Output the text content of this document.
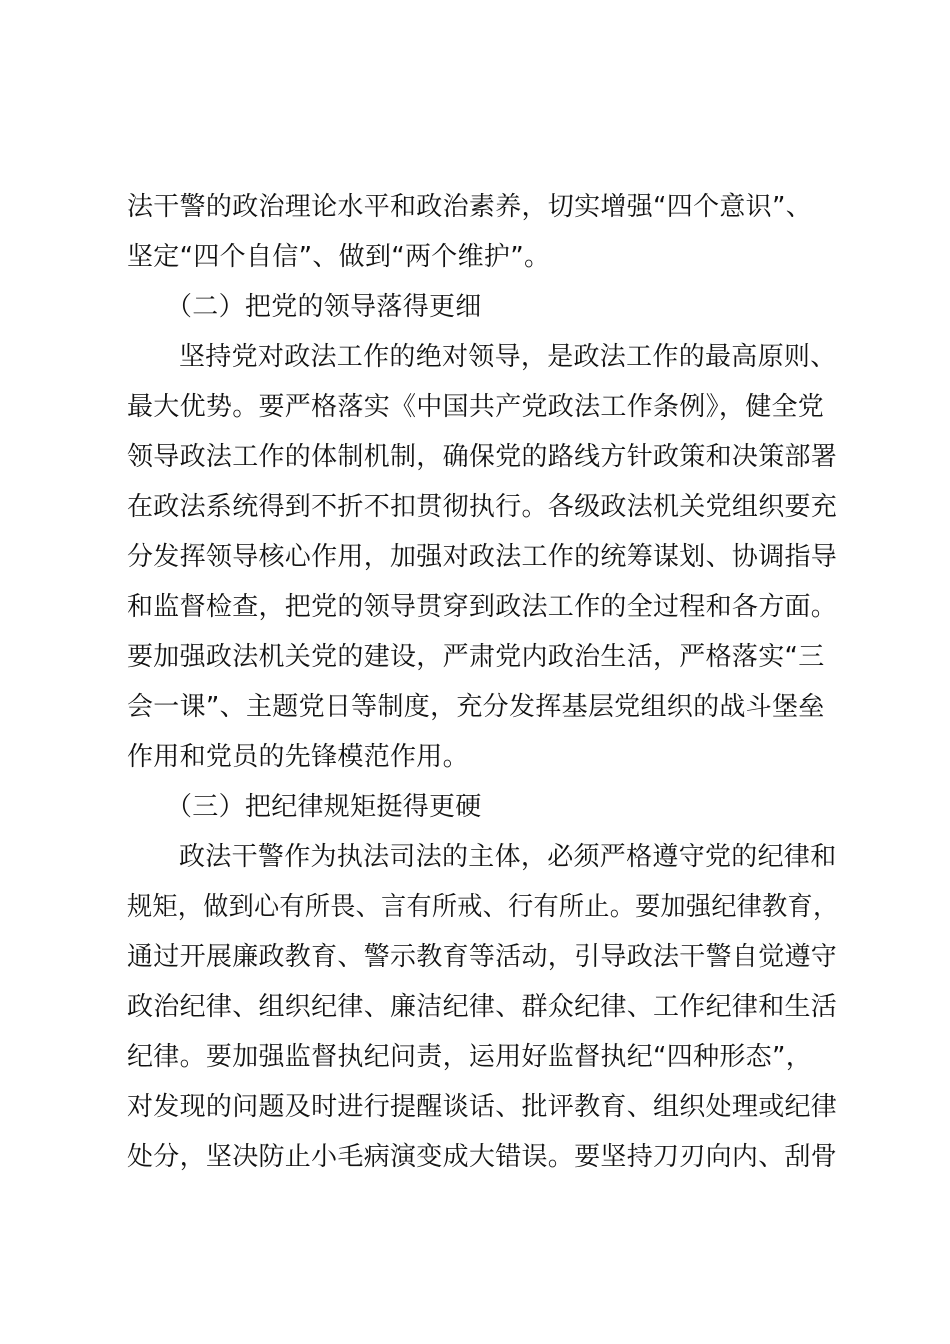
法干警的政治理论水平和政治素养，切实增强“四个意识”、
坚定“四个自信”、做到“两个维护”。
（二）把党的领导落得更细
坚持党对政法工作的绝对领导，是政法工作的最高原则、
最大优势。要严格落实《中国共产党政法工作条例》，健全党
领导政法工作的体制机制，确保党的路线方针政策和决策部署
在政法系统得到不折不扣贯彻执行。各级政法机关党组织要充
分发挥领导核心作用，加强对政法工作的统筹谋划、协调指导
和监督检查，把党的领导贯穿到政法工作的全过程和各方面。
要加强政法机关党的建设，严肃党内政治生活，严格落实“三
会一课”、主题党日等制度，充分发挥基层党组织的战斗堡垒
作用和党员的先锋模范作用。
（三）把纪律规矩挺得更硬
政法干警作为执法司法的主体，必须严格遵守党的纪律和
规矩，做到心有所畏、言有所戒、行有所止。要加强纪律教育，
通过开展廉政教育、警示教育等活动，引导政法干警自觉遵守
政治纪律、组织纪律、廉洁纪律、群众纪律、工作纪律和生活
纪律。要加强监督执纪问责，运用好监督执纪“四种形态”，
对发现的问题及时进行提醒谈话、批评教育、组织处理或纪律
处分，坚决防止小毛病演变成大错误。要坚持刀刃向内、刮骨
